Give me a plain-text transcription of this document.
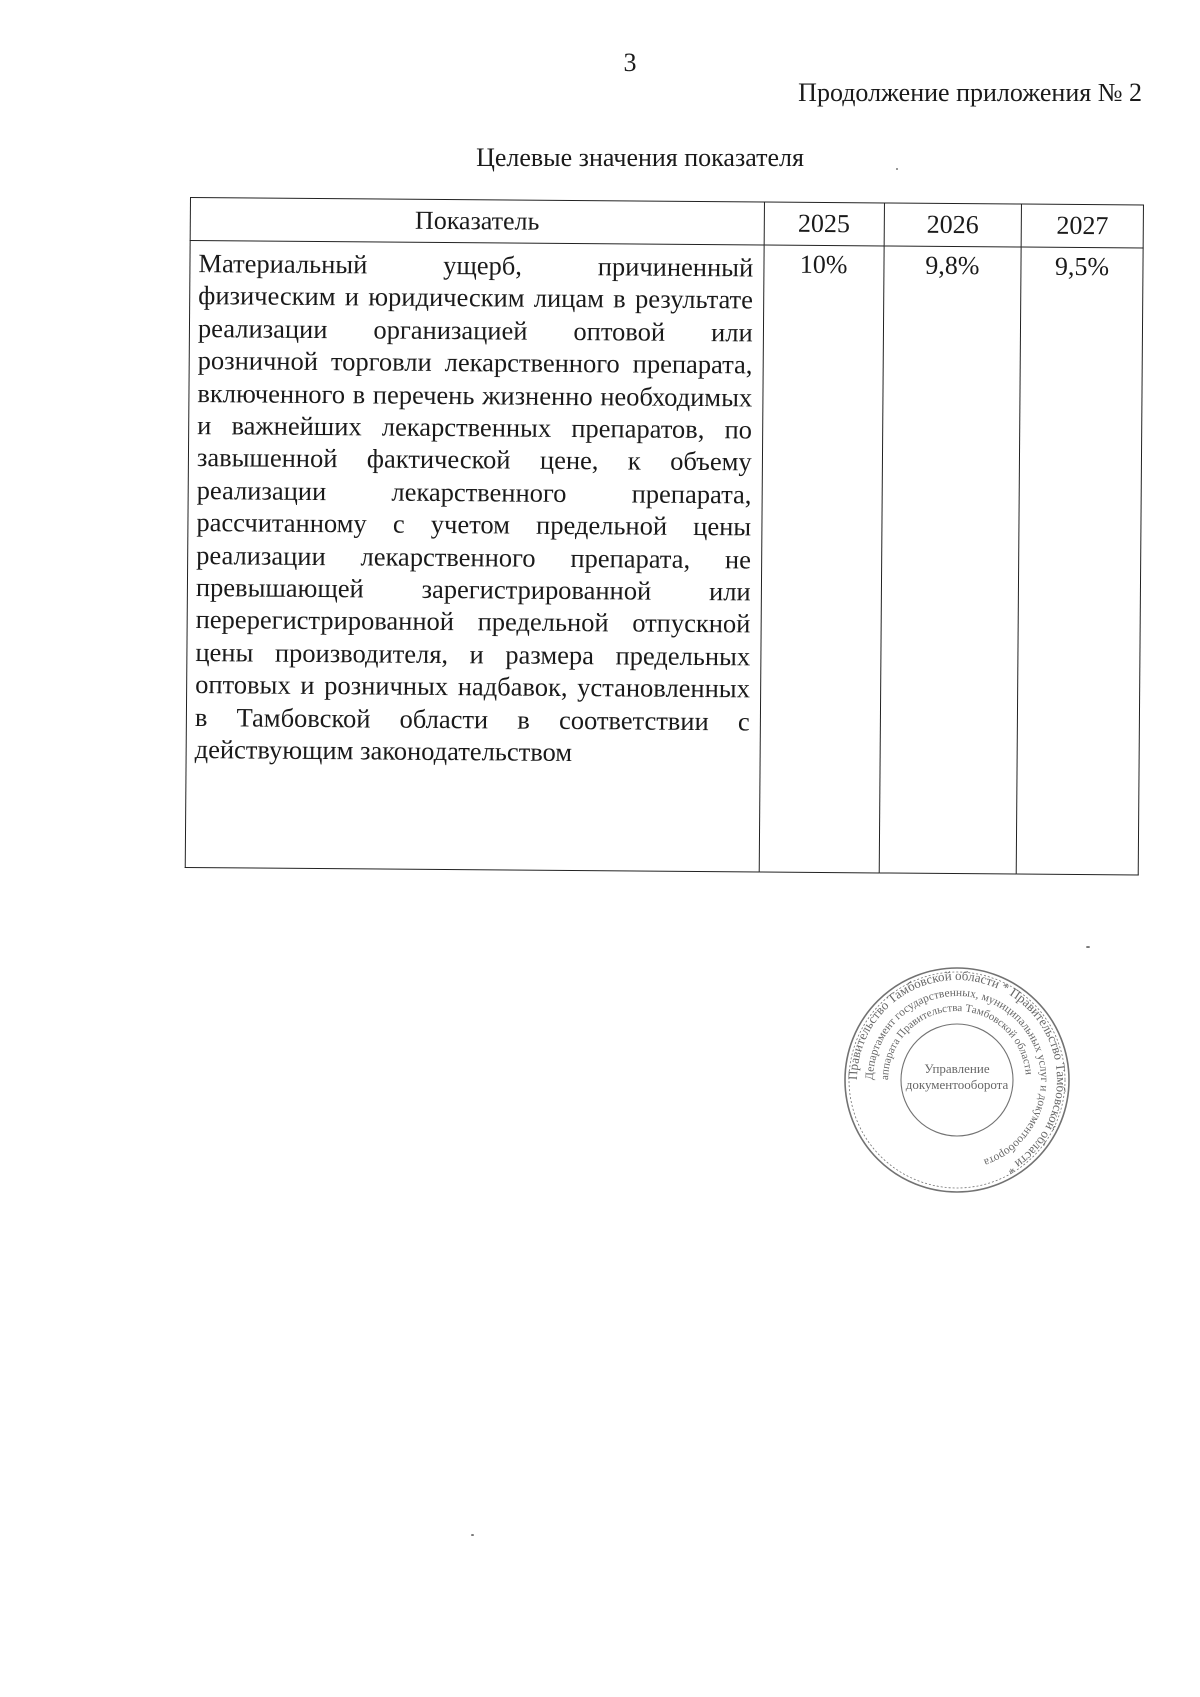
3
Продолжение приложения № 2
Целевые значения показателя
Показатель	2025	2026	2027
Материальный ущерб, причиненный физическим и юридическим лицам в результате реализации организацией оптовой или розничной торговли лекарственного препарата, включенного в перечень жизненно необходимых и важнейших лекарственных препаратов, по завышенной фактической цене, к объему реализации лекарственного препарата, рассчитанному с учетом предельной цены реализации лекарственного препарата, не превышающей зарегистрированной или перерегистрированной предельной отпускной цены производителя, и размера предельных оптовых и розничных надбавок, установленных в Тамбовской области в соответствии с действующим законодательством	10%	9,8%	9,5%
Правительство Тамбовской области * Правительство Тамбовской области *
Департамент государственных, муниципальных услуг и документооборота
аппарата Правительства Тамбовской области
Управление
документооборота
